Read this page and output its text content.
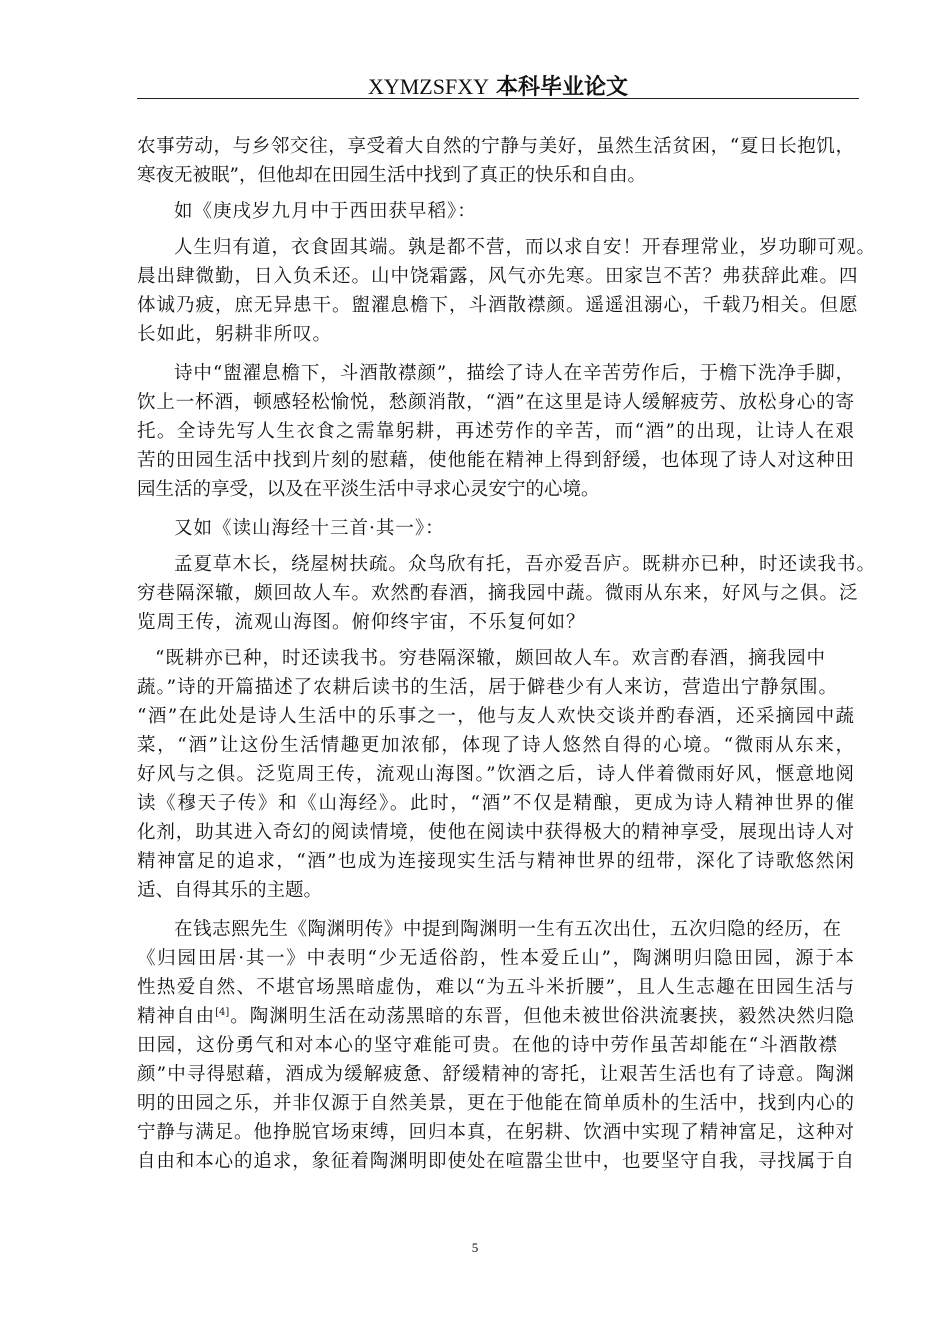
XYMZSFXY 本科毕业论文
农事劳动，与乡邻交往，享受着大自然的宁静与美好，虽然生活贫困，“夏日长抱饥，
寒夜无被眠”，但他却在田园生活中找到了真正的快乐和自由。
如《庚戌岁九月中于西田获早稻》：
人生归有道，衣食固其端。孰是都不营，而以求自安！开春理常业，岁功聊可观。
晨出肆微勤，日入负禾还。山中饶霜露，风气亦先寒。田家岂不苦？弗获辞此难。四
体诚乃疲，庶无异患干。盥濯息檐下，斗酒散襟颜。遥遥沮溺心，千载乃相关。但愿
长如此，躬耕非所叹。
诗中“盥濯息檐下，斗酒散襟颜”，描绘了诗人在辛苦劳作后，于檐下洗净手脚，
饮上一杯酒，顿感轻松愉悦，愁颜消散，“酒”在这里是诗人缓解疲劳、放松身心的寄
托。全诗先写人生衣食之需靠躬耕，再述劳作的辛苦，而“酒”的出现，让诗人在艰
苦的田园生活中找到片刻的慰藉，使他能在精神上得到舒缓，也体现了诗人对这种田
园生活的享受，以及在平淡生活中寻求心灵安宁的心境。
又如《读山海经十三首·其一》：
孟夏草木长，绕屋树扶疏。众鸟欣有托，吾亦爱吾庐。既耕亦已种，时还读我书。
穷巷隔深辙，颇回故人车。欢然酌春酒，摘我园中蔬。微雨从东来，好风与之俱。泛
览周王传，流观山海图。俯仰终宇宙，不乐复何如？
“既耕亦已种，时还读我书。穷巷隔深辙，颇回故人车。欢言酌春酒，摘我园中
蔬。”诗的开篇描述了农耕后读书的生活，居于僻巷少有人来访，营造出宁静氛围。
“酒”在此处是诗人生活中的乐事之一，他与友人欢快交谈并酌春酒，还采摘园中蔬
菜，“酒”让这份生活情趣更加浓郁，体现了诗人悠然自得的心境。“微雨从东来，
好风与之俱。泛览周王传，流观山海图。”饮酒之后，诗人伴着微雨好风，惬意地阅
读《穆天子传》和《山海经》。此时，“酒”不仅是精酿，更成为诗人精神世界的催
化剂，助其进入奇幻的阅读情境，使他在阅读中获得极大的精神享受，展现出诗人对
精神富足的追求，“酒”也成为连接现实生活与精神世界的纽带，深化了诗歌悠然闲
适、自得其乐的主题。
在钱志熙先生《陶渊明传》中提到陶渊明一生有五次出仕，五次归隐的经历，在
《归园田居·其一》中表明“少无适俗韵，性本爱丘山”，陶渊明归隐田园，源于本
性热爱自然、不堪官场黑暗虚伪，难以“为五斗米折腰”，且人生志趣在田园生活与
精神自由[4]。陶渊明生活在动荡黑暗的东晋，但他未被世俗洪流裹挟，毅然决然归隐
田园，这份勇气和对本心的坚守难能可贵。在他的诗中劳作虽苦却能在“斗酒散襟
颜”中寻得慰藉，酒成为缓解疲惫、舒缓精神的寄托，让艰苦生活也有了诗意。陶渊
明的田园之乐，并非仅源于自然美景，更在于他能在简单质朴的生活中，找到内心的
宁静与满足。他挣脱官场束缚，回归本真，在躬耕、饮酒中实现了精神富足，这种对
自由和本心的追求，象征着陶渊明即使处在喧嚣尘世中，也要坚守自我，寻找属于自
5
